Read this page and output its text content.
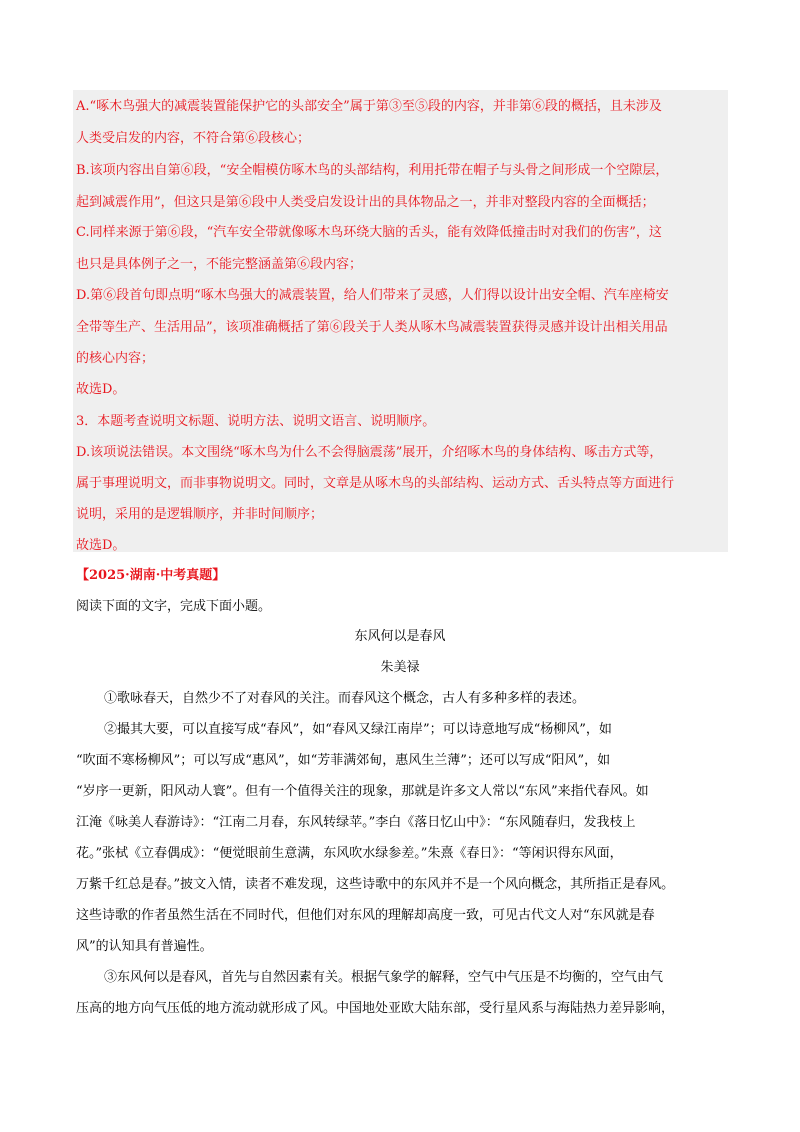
A.“啄木鸟强大的减震装置能保护它的头部安全”属于第③至⑤段的内容，并非第⑥段的概括，且未涉及

人类受启发的内容，不符合第⑥段核心；

B.该项内容出自第⑥段，“安全帽模仿啄木鸟的头部结构，利用托带在帽子与头骨之间形成一个空隙层，

起到减震作用”，但这只是第⑥段中人类受启发设计出的具体物品之一，并非对整段内容的全面概括；

C.同样来源于第⑥段，“汽车安全带就像啄木鸟环绕大脑的舌头，能有效降低撞击时对我们的伤害”，这

也只是具体例子之一，不能完整涵盖第⑥段内容；

D.第⑥段首句即点明“啄木鸟强大的减震装置，给人们带来了灵感，人们得以设计出安全帽、汽车座椅安

全带等生产、生活用品”，该项准确概括了第⑥段关于人类从啄木鸟减震装置获得灵感并设计出相关用品

的核心内容；

故选D。

3．本题考查说明文标题、说明方法、说明文语言、说明顺序。

D.该项说法错误。本文围绕“啄木鸟为什么不会得脑震荡”展开，介绍啄木鸟的身体结构、啄击方式等，

属于事理说明文，而非事物说明文。同时，文章是从啄木鸟的头部结构、运动方式、舌头特点等方面进行

说明，采用的是逻辑顺序，并非时间顺序；

故选D。

【2025·湖南·中考真题】

阅读下面的文字，完成下面小题。

东风何以是春风

朱美禄

①歌咏春天，自然少不了对春风的关注。而春风这个概念，古人有多种多样的表述。

②撮其大要，可以直接写成“春风”，如“春风又绿江南岸”；可以诗意地写成“杨柳风”，如

“吹面不寒杨柳风”；可以写成“惠风”，如“芳菲满郊甸，惠风生兰薄”；还可以写成“阳风”，如

“岁序一更新，阳风动人寰”。但有一个值得关注的现象，那就是许多文人常以“东风”来指代春风。如

江淹《咏美人春游诗》：“江南二月春，东风转绿苹。”李白《落日忆山中》：“东风随春归，发我枝上

花。”张栻《立春偶成》：“便觉眼前生意满，东风吹水绿参差。”朱熹《春日》：“等闲识得东风面，

万紫千红总是春。”披文入情，读者不难发现，这些诗歌中的东风并不是一个风向概念，其所指正是春风。

这些诗歌的作者虽然生活在不同时代，但他们对东风的理解却高度一致，可见古代文人对“东风就是春

风”的认知具有普遍性。

③东风何以是春风，首先与自然因素有关。根据气象学的解释，空气中气压是不均衡的，空气由气

压高的地方向气压低的地方流动就形成了风。中国地处亚欧大陆东部，受行星风系与海陆热力差异影响，
